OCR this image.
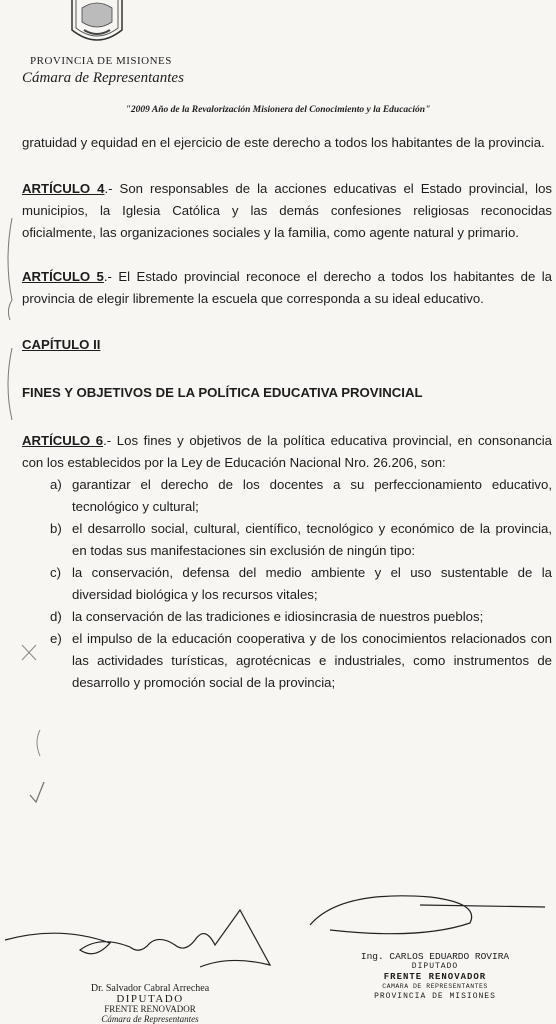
PROVINCIA DE MISIONES
Cámara de Representantes
"2009 Año de la Revalorización Misionera del Conocimiento y la Educación"

gratuidad y equidad en el ejercicio de este derecho a todos los habitantes de la provincia.

ARTÍCULO 4.- Son responsables de la acciones educativas el Estado provincial, los municipios, la Iglesia Católica y las demás confesiones religiosas reconocidas oficialmente, las organizaciones sociales y la familia, como agente natural y primario.

ARTÍCULO 5.- El Estado provincial reconoce el derecho a todos los habitantes de la provincia de elegir libremente la escuela que corresponda a su ideal educativo.

CAPÍTULO II

FINES Y OBJETIVOS DE LA POLÍTICA EDUCATIVA PROVINCIAL

ARTÍCULO 6.- Los fines y objetivos de la política educativa provincial, en consonancia con los establecidos por la Ley de Educación Nacional Nro. 26.206, son:

a) garantizar el derecho de los docentes a su perfeccionamiento educativo, tecnológico y cultural;
b) el desarrollo social, cultural, científico, tecnológico y económico de la provincia, en todas sus manifestaciones sin exclusión de ningún tipo:
c) la conservación, defensa del medio ambiente y el uso sustentable de la diversidad biológica y los recursos vitales;
d) la conservación de las tradiciones e idiosincrasia de nuestros pueblos;
e) el impulso de la educación cooperativa y de los conocimientos relacionados con las actividades turísticas, agrotécnicas e industriales, como instrumentos de desarrollo y promoción social de la provincia;
Dr. Salvador Cabral Arrechea
DIPUTADO
FRENTE RENOVADOR
Cámara de Representantes
Ing. CARLOS EDUARDO ROVIRA
DIPUTADO
FRENTE RENOVADOR
CAMARA DE REPRESENTANTES
PROVINCIA DE MISIONES
